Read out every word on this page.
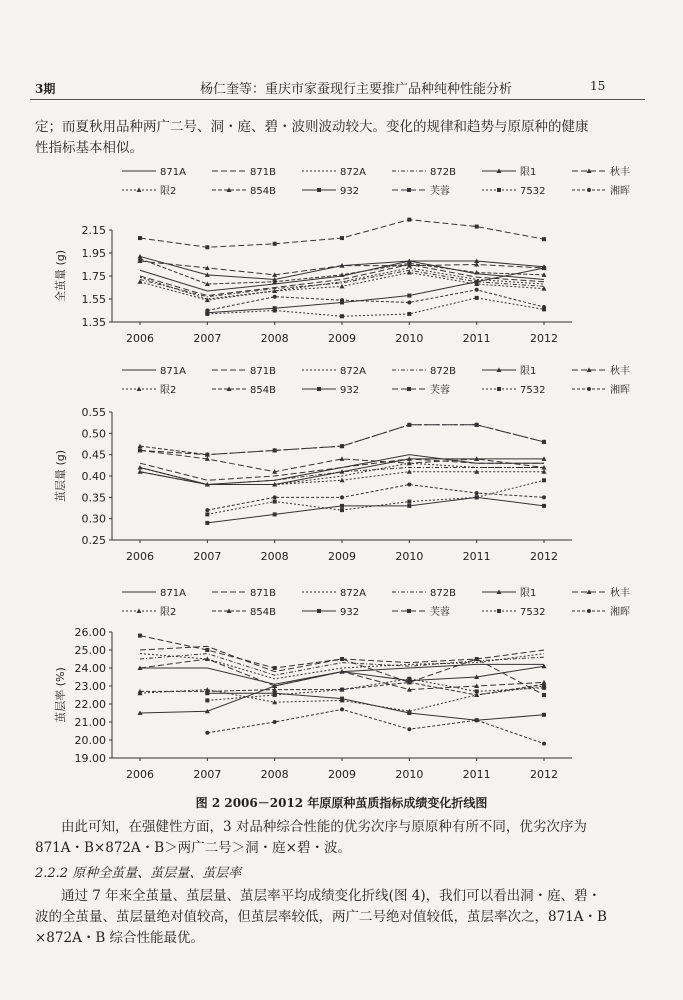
3期	杨仁奎等：重庆市家蚕现行主要推广品种纯种性能分析	15
定；而夏秋用品种两广二号、洞・庭、碧・波则波动较大。变化的规律和趋势与原原种的健康
性指标基本相似。
871A	871B	872A	872B	限1	秋丰
限2	854B	932	芙蓉	7532	湘晖
2.15
1.95
1.75
1.55
1.35
2006	2007	2008	2009	2010	2011	2012
全茧量 (g)
871A	871B	872A	872B	限1	秋丰
限2	854B	932	芙蓉	7532	湘晖
0.55
0.50
0.45
0.40
0.35
0.30
0.25
2006	2007	2008	2009	2010	2011	2012
茧层量 (g)
871A	871B	872A	872B	限1	秋丰
限2	854B	932	芙蓉	7532	湘晖
26.00
25.00
24.00
23.00
22.00
21.00
20.00
19.00
2006	2007	2008	2009	2010	2011	2012
茧层率 (%)
图 2 2006－2012 年原原种茧质指标成绩变化折线图
由此可知，在强健性方面，3 对品种综合性能的优劣次序与原原种有所不同，优劣次序为
871A・B×872A・B＞两广二号＞洞・庭×碧・波。
2.2.2 原种全茧量、茧层量、茧层率
通过 7 年来全茧量、茧层量、茧层率平均成绩变化折线(图 4)，我们可以看出洞・庭、碧・
波的全茧量、茧层量绝对值较高，但茧层率较低，两广二号绝对值较低，茧层率次之，871A・B
×872A・B 综合性能最优。
